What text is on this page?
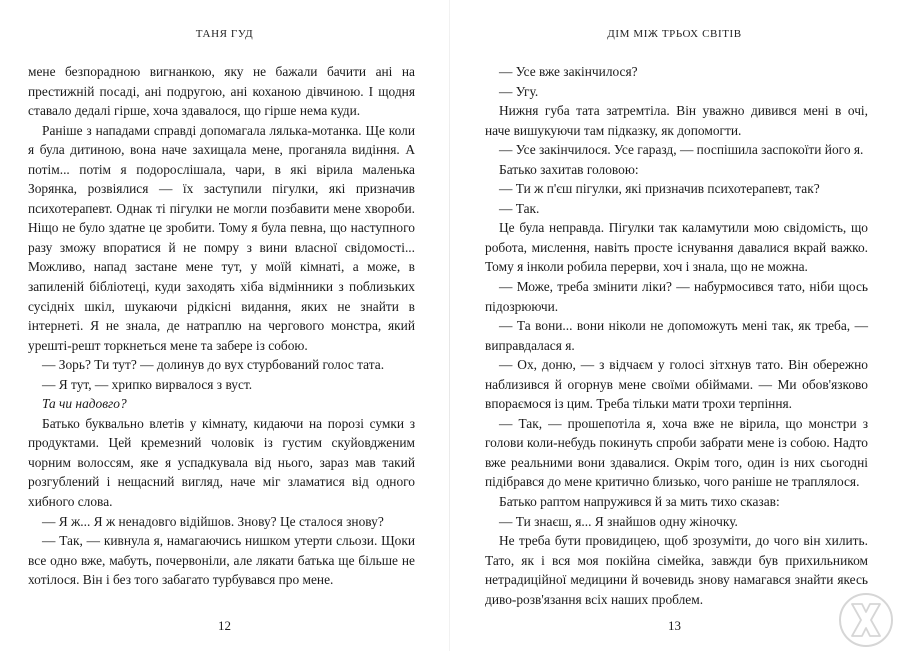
ТАНЯ ГУД

мене безпорадною вигнанкою, яку не бажали бачити ані на престижній посаді, ані подругою, ані коханою дівчиною. І щодня ставало дедалі гірше, хоча здавалося, що гірше нема куди.

Раніше з нападами справді допомагала лялька-мотанка. Ще коли я була дитиною, вона наче захищала мене, проганяла видіння. А потім... потім я подорослішала, чари, в які вірила маленька Зорянка, розвіялися — їх заступили пігулки, які призначив психотерапевт. Однак ті пігулки не могли позбавити мене хвороби. Ніщо не було здатне це зробити. Тому я була певна, що наступного разу зможу впоратися й не помру з вини власної свідомості... Можливо, напад застане мене тут, у моїй кімнаті, а може, в запиленій бібліотеці, куди заходять хіба відмінники з поблизьких сусідніх шкіл, шукаючи рідкісні видання, яких не знайти в інтернеті. Я не знала, де натраплю на чергового монстра, який урешті-решт торкнеться мене та забере із собою.

— Зорь? Ти тут? — долинув до вух стурбований голос тата.

— Я тут, — хрипко вирвалося з вуст.

Та чи надовго?

Батько буквально влетів у кімнату, кидаючи на порозі сумки з продуктами. Цей кремезний чоловік із густим скуйовдженим чорним волоссям, яке я успадкувала від нього, зараз мав такий розгублений і нещасний вигляд, наче міг зламатися від одного хибного слова.

— Я ж... Я ж ненадовго відійшов. Знову? Це сталося знову?

— Так, — кивнула я, намагаючись нишком утерти сльози. Щоки все одно вже, мабуть, почервоніли, але лякати батька ще більше не хотілося. Він і без того забагато турбувався про мене.

12
ДІМ МІЖ ТРЬОХ СВІТІВ

— Усе вже закінчилося?

— Угу.

Нижня губа тата затремтіла. Він уважно дивився мені в очі, наче вишукуючи там підказку, як допомогти.

— Усе закінчилося. Усе гаразд, — поспішила заспокоїти його я.

Батько захитав головою:

— Ти ж п'єш пігулки, які призначив психотерапевт, так?

— Так.

Це була неправда. Пігулки так каламутили мою свідомість, що робота, мислення, навіть просте існування давалися вкрай важко. Тому я інколи робила перерви, хоч і знала, що не можна.

— Може, треба змінити ліки? — набурмосився тато, ніби щось підозрюючи.

— Та вони... вони ніколи не допоможуть мені так, як треба, — виправдалася я.

— Ох, доню, — з відчаєм у голосі зітхнув тато. Він обережно наблизився й огорнув мене своїми обіймами. — Ми обов'язково впораємося із цим. Треба тільки мати трохи терпіння.

— Так, — прошепотіла я, хоча вже не вірила, що монстри з голови коли-небудь покинуть спроби забрати мене із собою. Надто вже реальними вони здавалися. Окрім того, один із них сьогодні підібрався до мене критично близько, чого раніше не траплялося.

Батько раптом напружився й за мить тихо сказав:

— Ти знаєш, я... Я знайшов одну жіночку.

Не треба бути провидицею, щоб зрозуміти, до чого він хилить. Тато, як і вся моя покійна сімейка, завжди був прихильником нетрадиційної медицини й вочевидь знову намагався знайти якесь диво-розв'язання всіх наших проблем.

13
